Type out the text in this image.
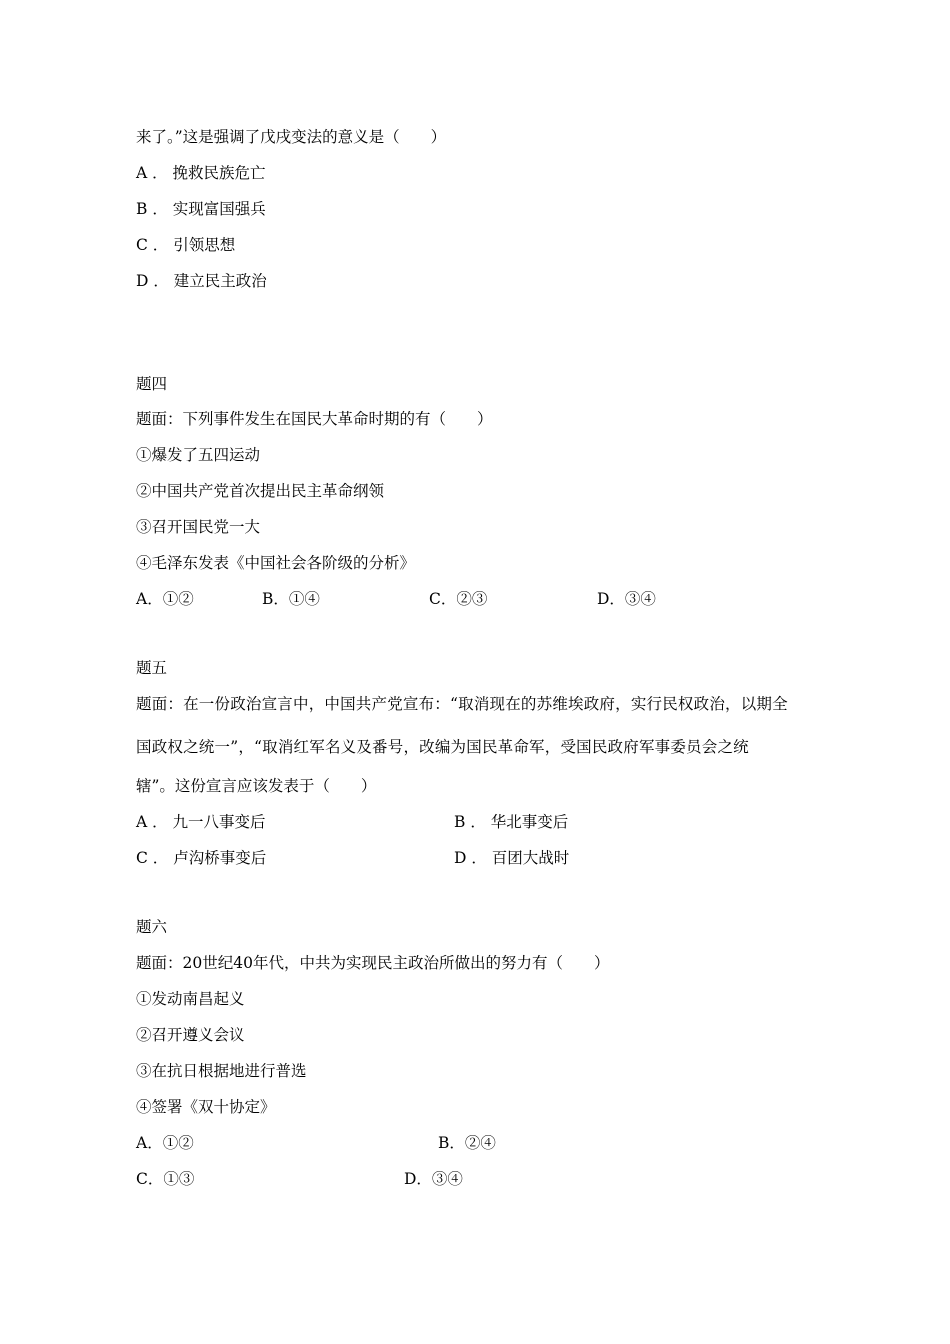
来了。”这是强调了戊戌变法的意义是（　　）
A ． 挽救民族危亡
B ． 实现富国强兵
C ． 引领思想
D ． 建立民主政治
题四
题面：下列事件发生在国民大革命时期的有（　　）
①爆发了五四运动
②中国共产党首次提出民主革命纲领
③召开国民党一大
④毛泽东发表《中国社会各阶级的分析》
A．①②	B．①④	C．②③	D．③④
题五
题面：在一份政治宣言中，中国共产党宣布：“取消现在的苏维埃政府，实行民权政治，以期全
国政权之统一”，“取消红军名义及番号，改编为国民革命军，受国民政府军事委员会之统
辖”。这份宣言应该发表于（　　）
A ． 九一八事变后	B ． 华北事变后
C ． 卢沟桥事变后	D ． 百团大战时
题六
题面：20世纪40年代，中共为实现民主政治所做出的努力有（　　）
①发动南昌起义
②召开遵义会议
③在抗日根据地进行普选
④签署《双十协定》
A．①②	B．②④
C．①③	D．③④
